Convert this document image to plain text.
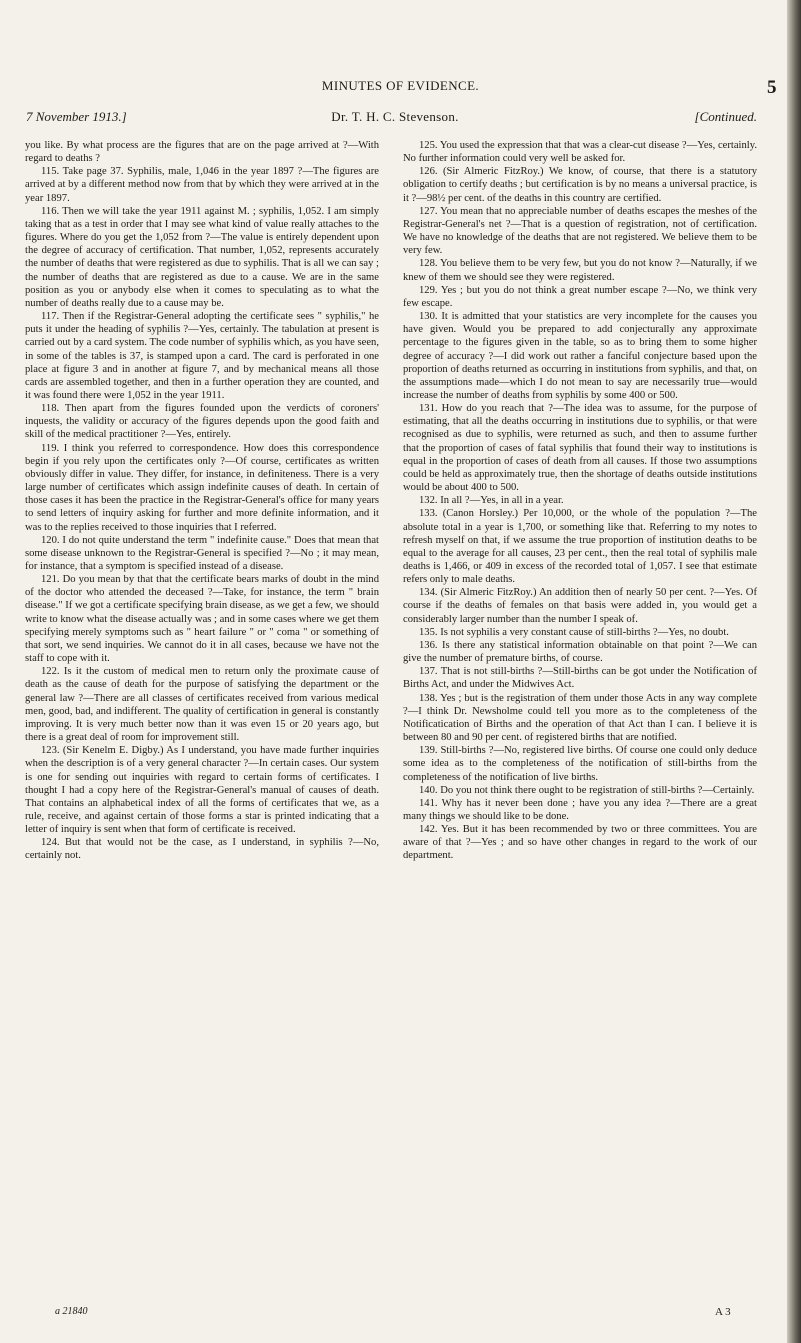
MINUTES OF EVIDENCE.	5
7 November 1913.]	Dr. T. H. C. Stevenson.	[Continued.

you like. By what process are the figures that are on the page arrived at ?—With regard to deaths ?

115. Take page 37. Syphilis, male, 1,046 in the year 1897 ?—The figures are arrived at by a different method now from that by which they were arrived at in the year 1897.

116. Then we will take the year 1911 against M. ; syphilis, 1,052. I am simply taking that as a test in order that I may see what kind of value really attaches to the figures. Where do you get the 1,052 from ?—The value is entirely dependent upon the degree of accuracy of certification. That number, 1,052, represents accurately the number of deaths that were registered as due to syphilis. That is all we can say ; the number of deaths that are registered as due to a cause. We are in the same position as you or anybody else when it comes to speculating as to what the number of deaths really due to a cause may be.

117. Then if the Registrar-General adopting the certificate sees " syphilis," he puts it under the heading of syphilis ?—Yes, certainly. The tabulation at present is carried out by a card system. The code number of syphilis which, as you have seen, in some of the tables is 37, is stamped upon a card. The card is perforated in one place at figure 3 and in another at figure 7, and by mechanical means all those cards are assembled together, and then in a further operation they are counted, and it was found there were 1,052 in the year 1911.

118. Then apart from the figures founded upon the verdicts of coroners' inquests, the validity or accuracy of the figures depends upon the good faith and skill of the medical practitioner ?—Yes, entirely.

119. I think you referred to correspondence. How does this correspondence begin if you rely upon the certificates only ?—Of course, certificates as written obviously differ in value. They differ, for instance, in definiteness. There is a very large number of certificates which assign indefinite causes of death. In certain of those cases it has been the practice in the Registrar-General's office for many years to send letters of inquiry asking for further and more definite information, and it was to the replies received to those inquiries that I referred.

120. I do not quite understand the term " indefinite cause." Does that mean that some disease unknown to the Registrar-General is specified ?—No ; it may mean, for instance, that a symptom is specified instead of a disease.

121. Do you mean by that that the certificate bears marks of doubt in the mind of the doctor who attended the deceased ?—Take, for instance, the term " brain disease." If we got a certificate specifying brain disease, as we get a few, we should write to know what the disease actually was ; and in some cases where we get them specifying merely symptoms such as " heart failure " or " coma " or something of that sort, we send inquiries. We cannot do it in all cases, because we have not the staff to cope with it.

122. Is it the custom of medical men to return only the proximate cause of death as the cause of death for the purpose of satisfying the department or the general law ?—There are all classes of certificates received from various medical men, good, bad, and indifferent. The quality of certification in general is constantly improving. It is very much better now than it was even 15 or 20 years ago, but there is a great deal of room for improvement still.

123. (Sir Kenelm E. Digby.) As I understand, you have made further inquiries when the description is of a very general character ?—In certain cases. Our system is one for sending out inquiries with regard to certain forms of certificates. I thought I had a copy here of the Registrar-General's manual of causes of death. That contains an alphabetical index of all the forms of certificates that we, as a rule, receive, and against certain of those forms a star is printed indicating that a letter of inquiry is sent when that form of certificate is received.

124. But that would not be the case, as I understand, in syphilis ?—No, certainly not.

125. You used the expression that that was a clear-cut disease ?—Yes, certainly. No further information could very well be asked for.

126. (Sir Almeric FitzRoy.) We know, of course, that there is a statutory obligation to certify deaths ; but certification is by no means a universal practice, is it ?—98½ per cent. of the deaths in this country are certified.

127. You mean that no appreciable number of deaths escapes the meshes of the Registrar-General's net ?—That is a question of registration, not of certification. We have no knowledge of the deaths that are not registered. We believe them to be very few.

128. You believe them to be very few, but you do not know ?—Naturally, if we knew of them we should see they were registered.

129. Yes ; but you do not think a great number escape ?—No, we think very few escape.

130. It is admitted that your statistics are very incomplete for the causes you have given. Would you be prepared to add conjecturally any approximate percentage to the figures given in the table, so as to bring them to some higher degree of accuracy ?—I did work out rather a fanciful conjecture based upon the proportion of deaths returned as occurring in institutions from syphilis, and that, on the assumptions made—which I do not mean to say are necessarily true—would increase the number of deaths from syphilis by some 400 or 500.

131. How do you reach that ?—The idea was to assume, for the purpose of estimating, that all the deaths occurring in institutions due to syphilis, or that were recognised as due to syphilis, were returned as such, and then to assume further that the proportion of cases of fatal syphilis that found their way to institutions is equal in the proportion of cases of death from all causes. If those two assumptions could be held as approximately true, then the shortage of deaths outside institutions would be about 400 to 500.

132. In all ?—Yes, in all in a year.

133. (Canon Horsley.) Per 10,000, or the whole of the population ?—The absolute total in a year is 1,700, or something like that. Referring to my notes to refresh myself on that, if we assume the true proportion of institution deaths to be equal to the average for all causes, 23 per cent., then the real total of syphilis male deaths is 1,466, or 409 in excess of the recorded total of 1,057. I see that estimate refers only to male deaths.

134. (Sir Almeric FitzRoy.) An addition then of nearly 50 per cent. ?—Yes. Of course if the deaths of females on that basis were added in, you would get a considerably larger number than the number I speak of.

135. Is not syphilis a very constant cause of still-births ?—Yes, no doubt.

136. Is there any statistical information obtainable on that point ?—We can give the number of premature births, of course.

137. That is not still-births ?—Still-births can be got under the Notification of Births Act, and under the Midwives Act.

138. Yes ; but is the registration of them under those Acts in any way complete ?—I think Dr. Newsholme could tell you more as to the completeness of the Notificatication of Births and the operation of that Act than I can. I believe it is between 80 and 90 per cent. of registered births that are notified.

139. Still-births ?—No, registered live births. Of course one could only deduce some idea as to the completeness of the notification of still-births from the completeness of the notification of live births.

140. Do you not think there ought to be registration of still-births ?—Certainly.

141. Why has it never been done ; have you any idea ?—There are a great many things we should like to be done.

142. Yes. But it has been recommended by two or three committees. You are aware of that ?—Yes ; and so have other changes in regard to the work of our department.

a 21840	A 3
